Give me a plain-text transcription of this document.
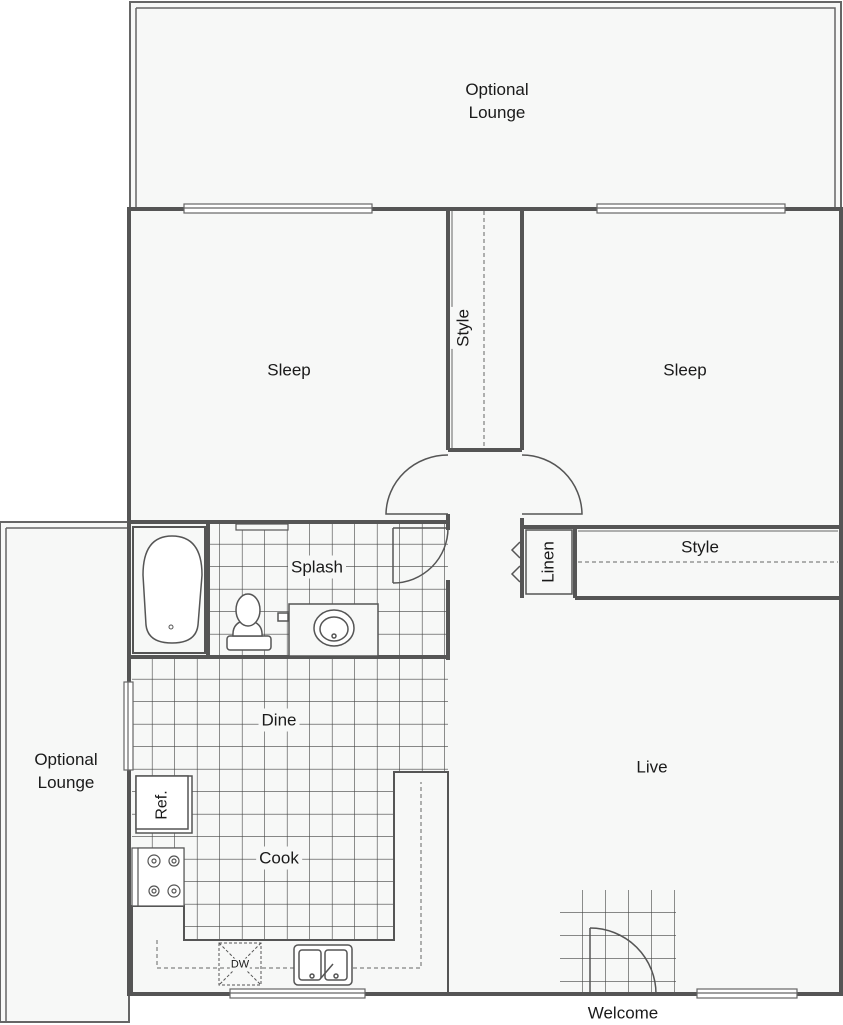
Optional
Lounge
Optional
Lounge
Sleep	Sleep
Style
Style
Linen
Splash
Dine
Cook
Ref.
DW
Live
Welcome
